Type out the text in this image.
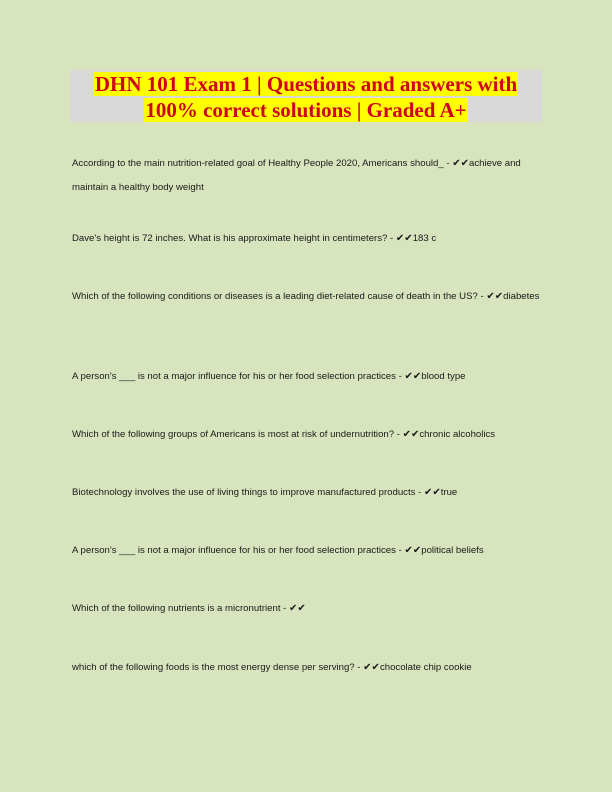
DHN 101 Exam 1 | Questions and answers with
100% correct solutions | Graded A+

According to the main nutrition-related goal of Healthy People 2020, Americans should_ - ✔✔achieve and maintain a healthy body weight

Dave's height is 72 inches. What is his approximate height in centimeters? - ✔✔183 c

Which of the following conditions or diseases is a leading diet-related cause of death in the US? - ✔✔diabetes

A person's ___ is not a major influence for his or her food selection practices - ✔✔blood type

Which of the following groups of Americans is most at risk of undernutrition? - ✔✔chronic alcoholics

Biotechnology involves the use of living things to improve manufactured products - ✔✔true

A person's ___ is not a major influence for his or her food selection practices - ✔✔political beliefs

Which of the following nutrients is a micronutrient - ✔✔

which of the following foods is the most energy dense per serving? - ✔✔chocolate chip cookie
